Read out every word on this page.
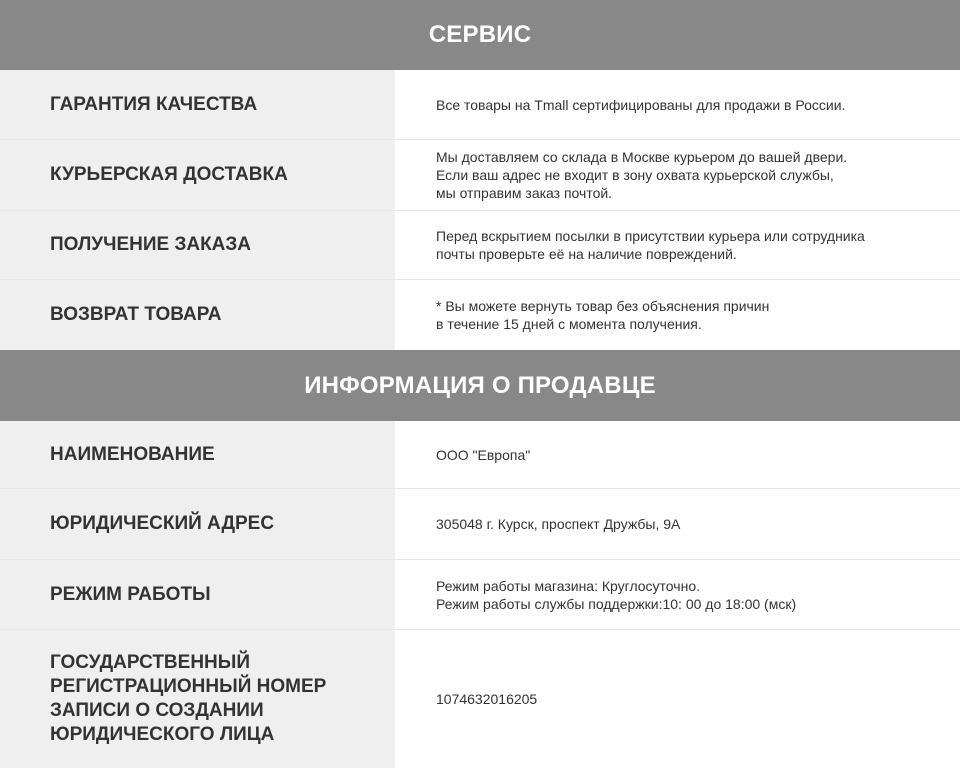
СЕРВИС
ГАРАНТИЯ КАЧЕСТВА	Все товары на Tmall сертифицированы для продажи в России.
КУРЬЕРСКАЯ ДОСТАВКА
Мы доставляем со склада в Москве курьером до вашей двери.
Если ваш адрес не входит в зону охвата курьерской службы,
мы отправим заказ почтой.
ПОЛУЧЕНИЕ ЗАКАЗА	Перед вскрытием посылки в присутствии курьера или сотрудника
почты проверьте её на наличие повреждений.
ВОЗВРАТ ТОВАРА	* Вы можете вернуть товар без объяснения причин
в течение 15 дней с момента получения.
ИНФОРМАЦИЯ О ПРОДАВЦЕ
НАИМЕНОВАНИЕ	ООО "Европа"
ЮРИДИЧЕСКИЙ АДРЕС	305048 г. Курск, проспект Дружбы, 9А
РЕЖИМ РАБОТЫ	Режим работы магазина: Круглосуточно.
Режим работы службы поддержки:10: 00 до 18:00 (мск)
ГОСУДАРСТВЕННЫЙ
РЕГИСТРАЦИОННЫЙ НОМЕР
ЗАПИСИ О СОЗДАНИИ
ЮРИДИЧЕСКОГО ЛИЦА
1074632016205
